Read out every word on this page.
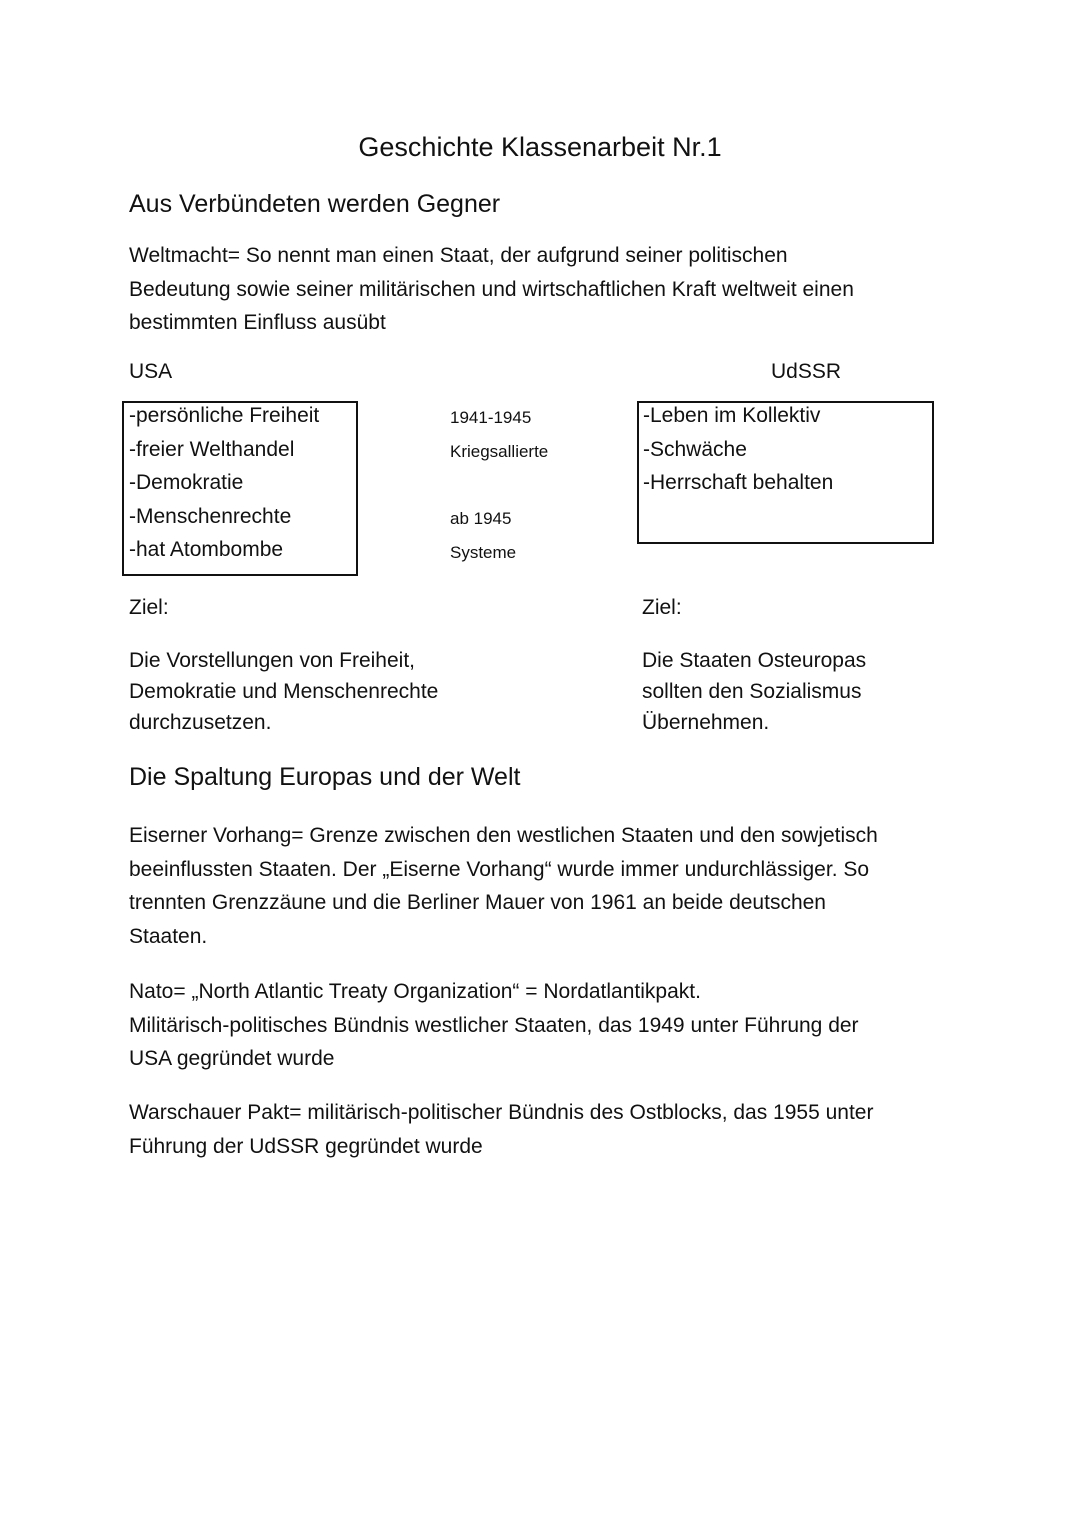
Geschichte Klassenarbeit Nr.1
Aus Verbündeten werden Gegner
Weltmacht= So nennt man einen Staat, der aufgrund seiner politischen
Bedeutung sowie seiner militärischen und wirtschaftlichen Kraft weltweit einen
bestimmten Einfluss ausübt
USA	UdSSR
-persönliche Freiheit
-freier Welthandel
-Demokratie
-Menschenrechte
-hat Atombombe
1941-1945
Kriegsallierte
ab 1945
Systeme
-Leben im Kollektiv
-Schwäche
-Herrschaft behalten
Ziel:	Ziel:
Die Vorstellungen von Freiheit,
Demokratie und Menschenrechte
durchzusetzen.
Die Staaten Osteuropas
sollten den Sozialismus
Übernehmen.
Die Spaltung Europas und der Welt
Eiserner Vorhang= Grenze zwischen den westlichen Staaten und den sowjetisch
beeinflussten Staaten. Der „Eiserne Vorhang“ wurde immer undurchlässiger. So
trennten Grenzzäune und die Berliner Mauer von 1961 an beide deutschen
Staaten.
Nato= „North Atlantic Treaty Organization“ = Nordatlantikpakt.
Militärisch-politisches Bündnis westlicher Staaten, das 1949 unter Führung der
USA gegründet wurde
Warschauer Pakt= militärisch-politischer Bündnis des Ostblocks, das 1955 unter
Führung der UdSSR gegründet wurde
